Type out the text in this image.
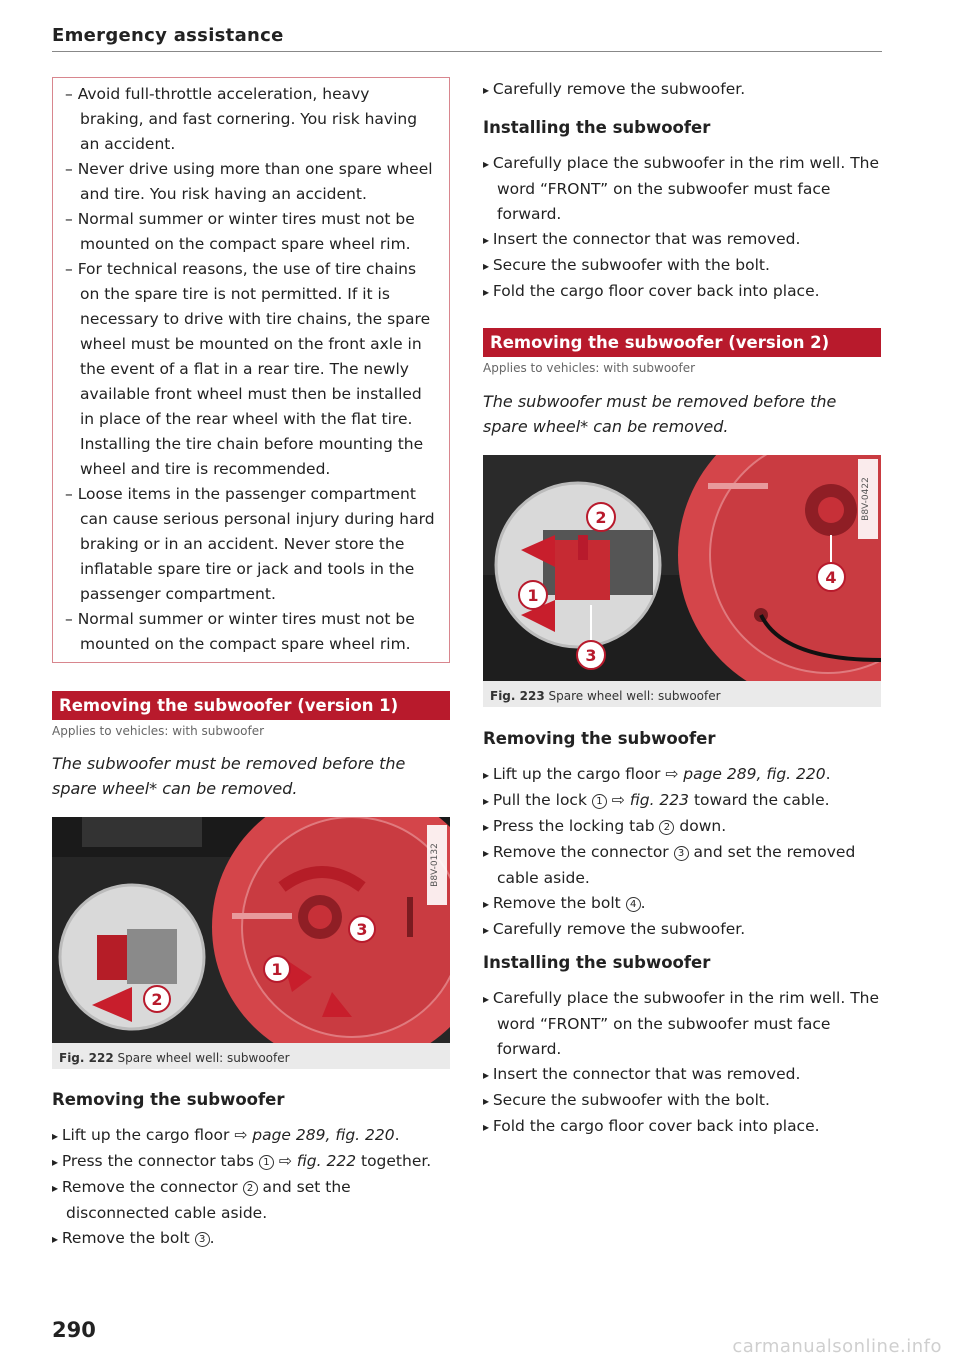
Emergency assistance
– Avoid full-throttle acceleration, heavy braking, and fast cornering. You risk having an accident.
– Never drive using more than one spare wheel and tire. You risk having an accident.
– Normal summer or winter tires must not be mounted on the compact spare wheel rim.
– For technical reasons, the use of tire chains on the spare tire is not permitted. If it is necessary to drive with tire chains, the spare wheel must be mounted on the front axle in the event of a flat in a rear tire. The newly available front wheel must then be installed in place of the rear wheel with the flat tire. Installing the tire chain before mounting the wheel and tire is recommended.
– Loose items in the passenger compartment can cause serious personal injury during hard braking or in an accident. Never store the inflatable spare tire or jack and tools in the passenger compartment.
– Normal summer or winter tires must not be mounted on the compact spare wheel rim.
Removing the subwoofer (version 1)
Applies to vehicles: with subwoofer
The subwoofer must be removed before the spare wheel* can be removed.
B8V-0132
3
1
2
Fig. 222 Spare wheel well: subwoofer
Removing the subwoofer
▸ Lift up the cargo floor ⇨ page 289, fig. 220.
▸ Press the connector tabs 1 ⇨ fig. 222 together.
▸ Remove the connector 2 and set the disconnected cable aside.
▸ Remove the bolt 3 .
290
▸ Carefully remove the subwoofer.
Installing the subwoofer
▸ Carefully place the subwoofer in the rim well. The word “FRONT” on the subwoofer must face forward.
▸ Insert the connector that was removed.
▸ Secure the subwoofer with the bolt.
▸ Fold the cargo floor cover back into place.
Removing the subwoofer (version 2)
Applies to vehicles: with subwoofer
The subwoofer must be removed before the spare wheel* can be removed.
B8V-0422
2
1
3
4
Fig. 223 Spare wheel well: subwoofer
Removing the subwoofer
▸ Lift up the cargo floor ⇨ page 289, fig. 220.
▸ Pull the lock 1 ⇨ fig. 223 toward the cable.
▸ Press the locking tab 2 down.
▸ Remove the connector 3 and set the removed cable aside.
▸ Remove the bolt 4 .
▸ Carefully remove the subwoofer.
Installing the subwoofer
▸ Carefully place the subwoofer in the rim well. The word “FRONT” on the subwoofer must face forward.
▸ Insert the connector that was removed.
▸ Secure the subwoofer with the bolt.
▸ Fold the cargo floor cover back into place.
carmanualsonline.info
